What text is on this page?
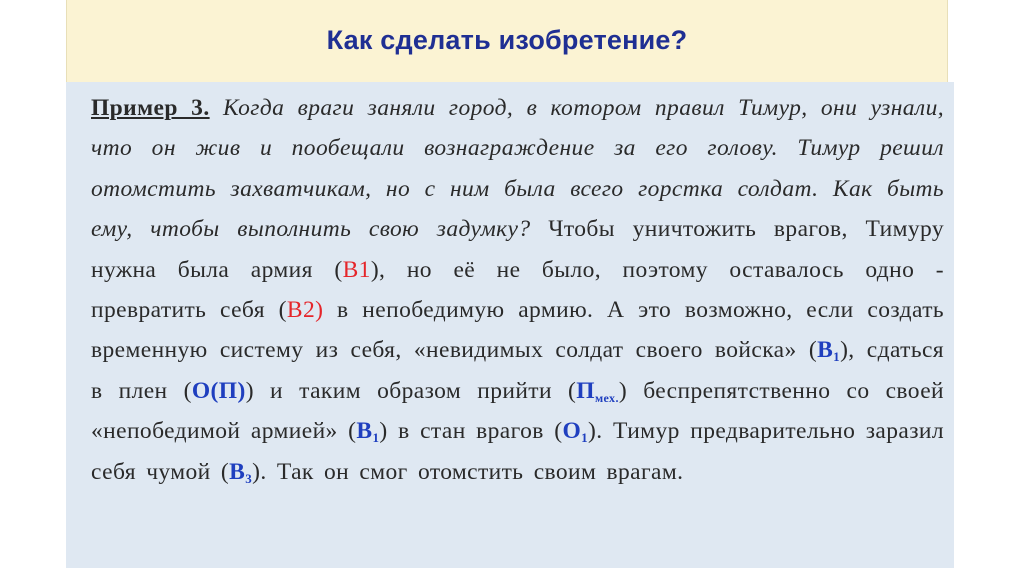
Как сделать изобретение?
Пример 3. Когда враги заняли город, в котором правил Тимур, они узнали, что он жив и пообещали вознаграждение за его голову. Тимур решил отомстить захватчикам, но с ним была всего горстка солдат. Как быть ему, чтобы выполнить свою задумку? Чтобы уничтожить врагов, Тимуру нужна была армия (В1), но её не было, поэтому оставалось одно - превратить себя (В2) в непобедимую армию. А это возможно, если создать временную систему из себя, «невидимых солдат своего войска» $(В_1)$, сдаться в плен (О(П)) и таким образом прийти $(П_{мех.})$ беспрепятственно со своей «непобедимой армией» $(В_1)$ в стан врагов $(О_1)$. Тимур предварительно заразил себя чумой $(В_3)$. Так он смог отомстить своим врагам.
